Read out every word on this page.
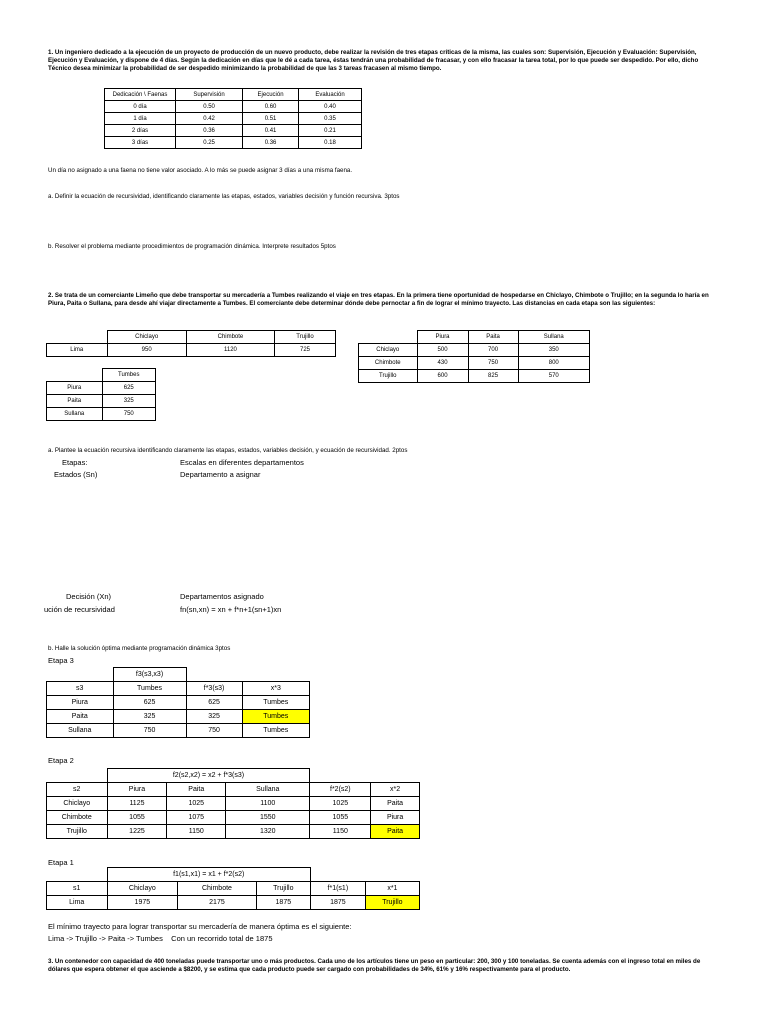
1. Un ingeniero dedicado a la ejecución de un proyecto de producción de un nuevo producto, debe realizar la revisión de tres etapas críticas de la misma, las cuales son: Supervisión, Ejecución y Evaluación: Supervisión, Ejecución y Evaluación, y dispone de 4 días. Según la dedicación en días que le dé a cada tarea, éstas tendrán una probabilidad de fracasar, y con ello fracasar la tarea total, por lo que puede ser despedido. Por ello, dicho Técnico desea minimizar la probabilidad de ser despedido minimizando la probabilidad de que las 3 tareas fracasen al mismo tiempo.
Dedicación \ Faenas	Supervisión	Ejecución	Evaluación
0 día	0.50	0.60	0.40
1 día	0.42	0.51	0.35
2 días	0.36	0.41	0.21
3 días	0.25	0.36	0.18
Un día no asignado a una faena no tiene valor asociado. A lo más se puede asignar 3 días a una misma faena.
a. Definir la ecuación de recursividad, identificando claramente las etapas, estados, variables decisión y función recursiva. 3ptos
b. Resolver el problema mediante procedimientos de programación dinámica. Interprete resultados 5ptos
2. Se trata de un comerciante Limeño que debe transportar su mercadería a Tumbes realizando el viaje en tres etapas. En la primera tiene oportunidad de hospedarse en Chiclayo, Chimbote o Trujillo; en la segunda lo haría en Piura, Paita o Sullana, para desde ahí viajar directamente a Tumbes. El comerciante debe determinar dónde debe pernoctar a fin de lograr el mínimo trayecto. Las distancias en cada etapa son las siguientes:
	Chiclayo	Chimbote	Trujillo
Lima	950	1120	725
	Tumbes
Piura	625
Paita	325
Sullana	750
	Piura	Paita	Sullana
Chiclayo	500	700	350
Chimbote	430	750	800
Trujillo	600	825	570
a. Plantee la ecuación recursiva identificando claramente las etapas, estados, variables decisión, y ecuación de recursividad. 2ptos
Etapas:	Escalas en diferentes departamentos
Estados (Sn)	Departamento a asignar
Decisión (Xn)	Departamentos asignado
ución de recursividad	fn(sn,xn) = xn + f*n+1(sn+1)xn
b. Halle la solución óptima mediante programación dinámica 3ptos
Etapa 3
	f3(s3,x3)		
s3	Tumbes	f*3(s3)	x*3
Piura	625	625	Tumbes
Paita	325	325	Tumbes
Sullana	750	750	Tumbes
Etapa 2
	f2(s2,x2) = x2 + f*3(s3)				
s2	Piura	Paita	Sullana	f*2(s2)	x*2
Chiclayo	1125	1025	1100	1025	Paita
Chimbote	1055	1075	1550	1055	Piura
Trujillo	1225	1150	1320	1150	Paita
Etapa 1
	f1(s1,x1) = x1 + f*2(s2)				
s1	Chiclayo	Chimbote	Trujillo	f*1(s1)	x*1
Lima	1975	2175	1875	1875	Trujillo
El mínimo trayecto para lograr transportar su mercadería de manera óptima es el siguiente:
Lima -> Trujillo -> Paita -> Tumbes    Con un recorrido total de 1875
3. Un contenedor con capacidad de 400 toneladas puede transportar uno o más productos. Cada uno de los artículos tiene un peso en particular: 200, 300 y 100 toneladas. Se cuenta además con el ingreso total en miles de dólares que espera obtener el que asciende a $8200, y se estima que cada producto puede ser cargado con probabilidades de 34%, 61% y 16% respectivamente para el producto.
